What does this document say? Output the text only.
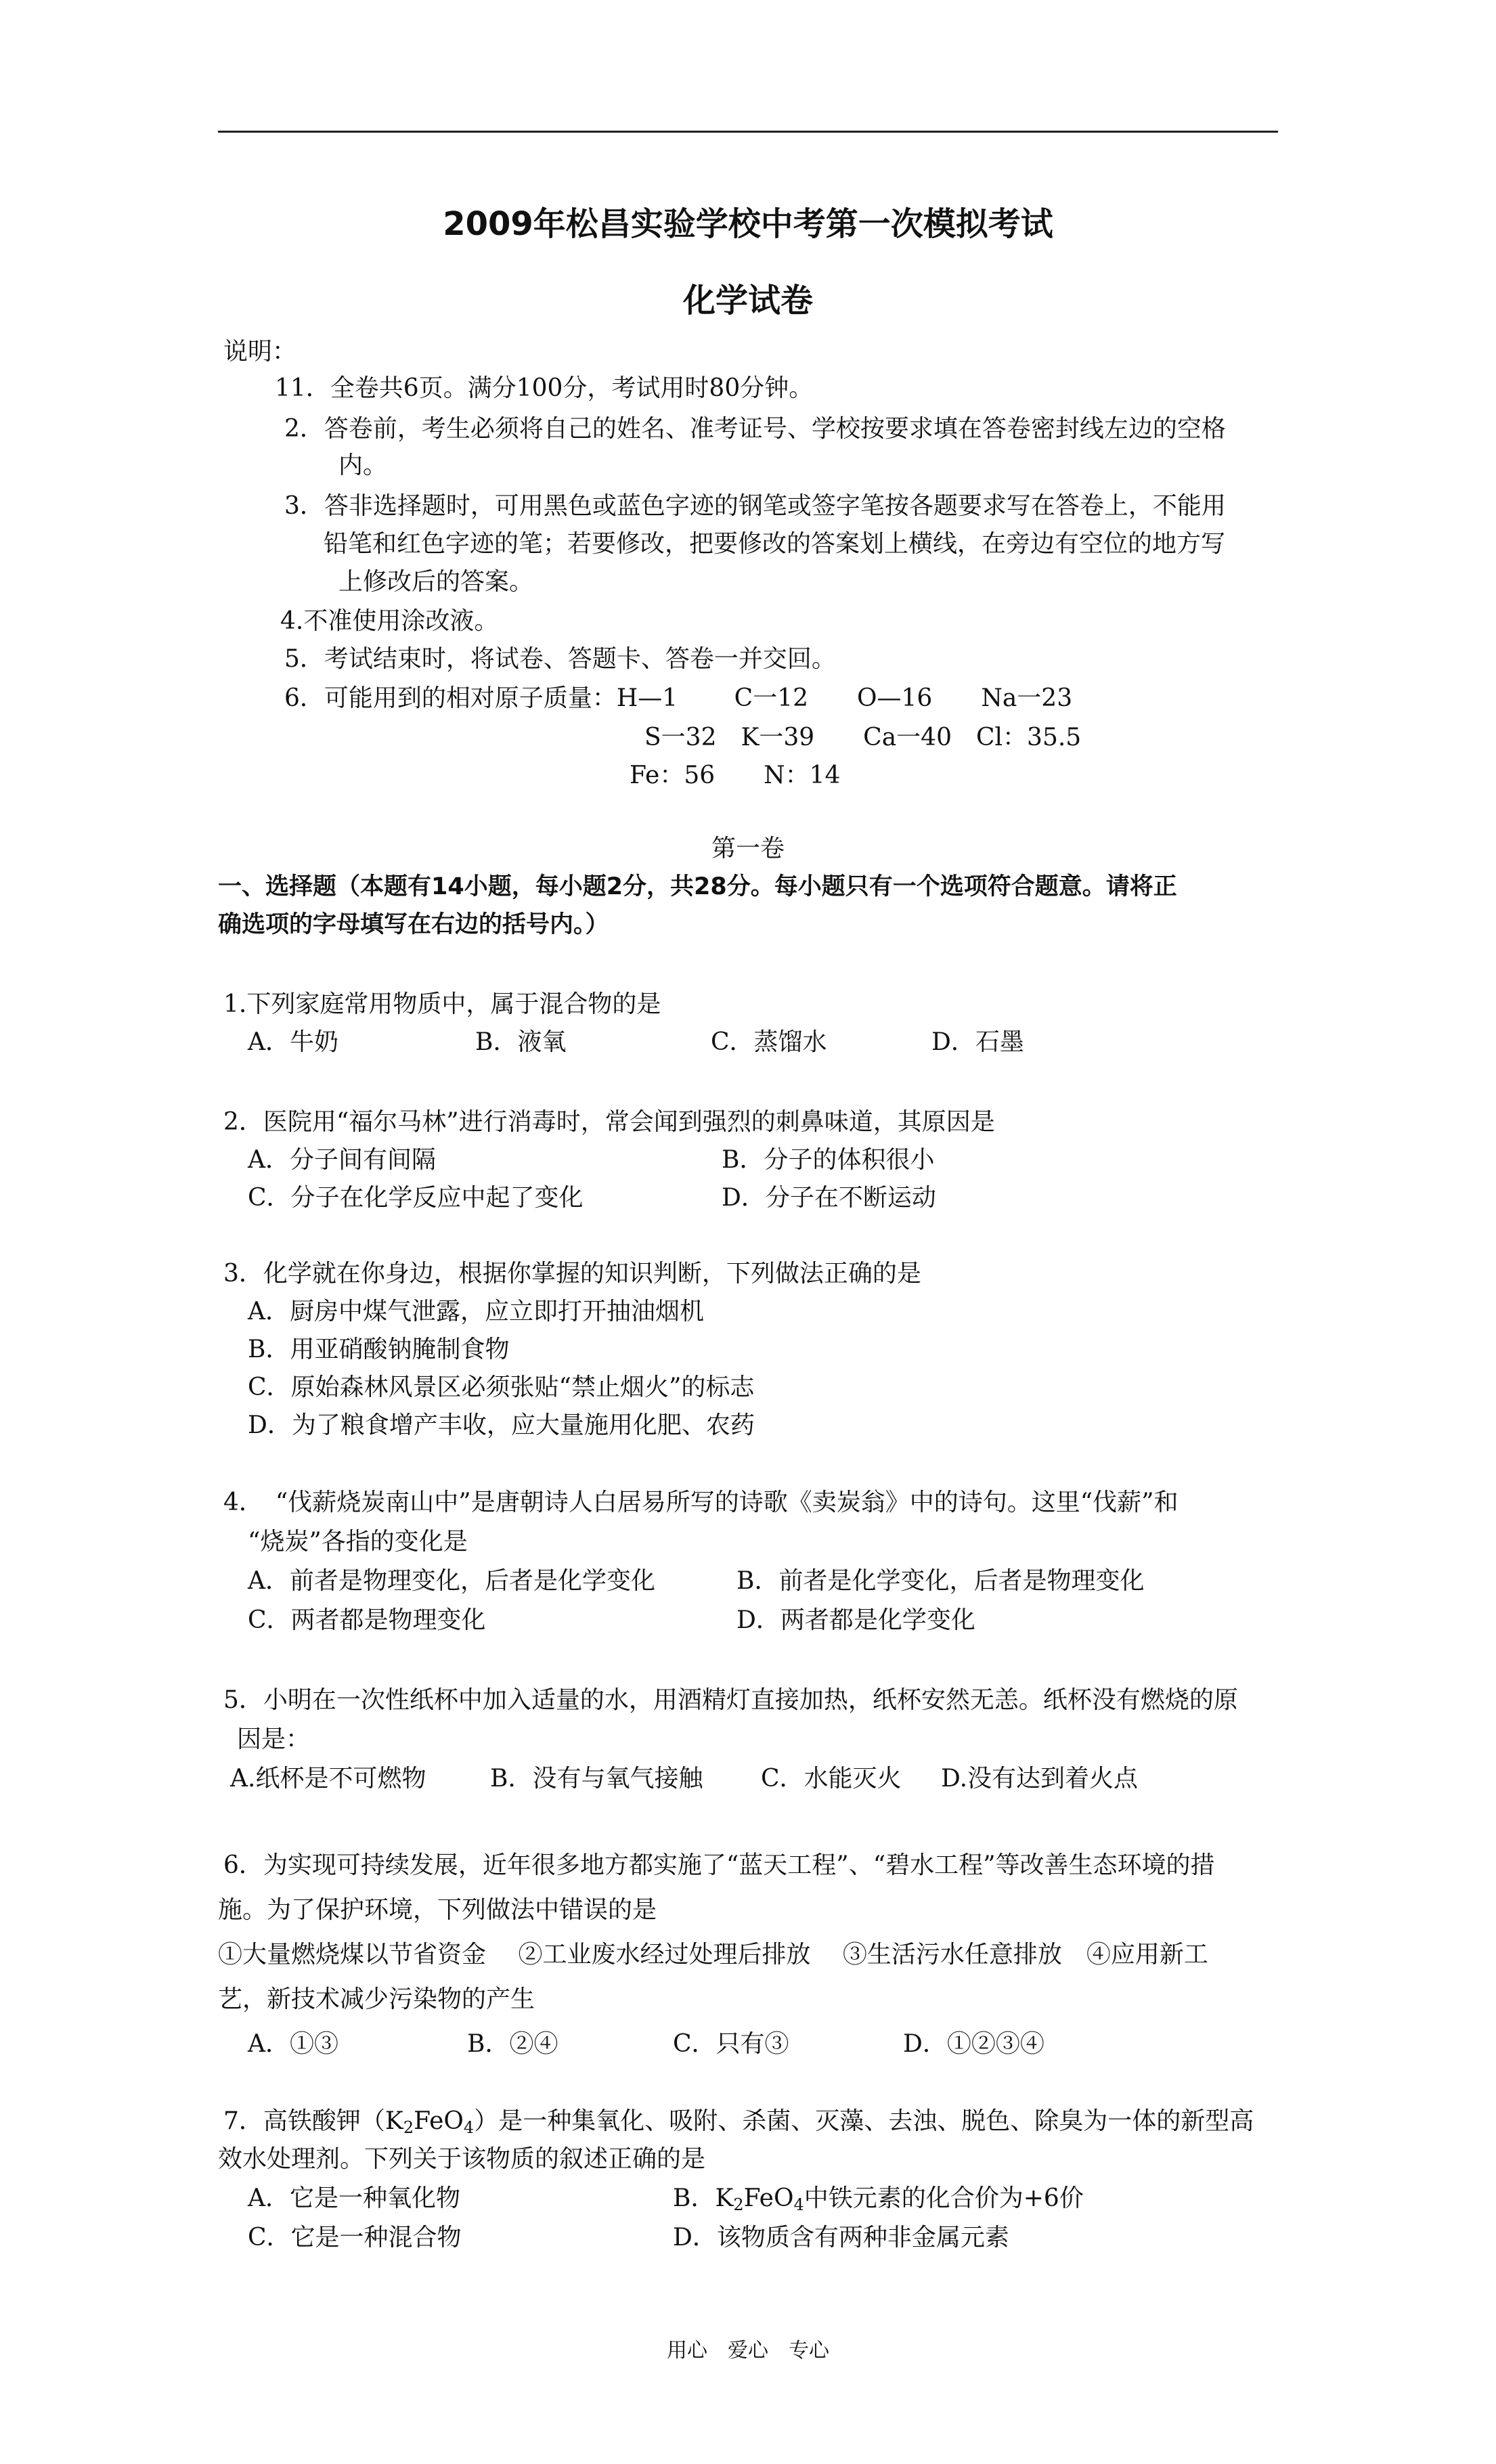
2009年松昌实验学校中考第一次模拟考试
化学试卷
说明：
11．全卷共6页。满分100分，考试用时80分钟。
2．答卷前，考生必须将自己的姓名、准考证号、学校按要求填在答卷密封线左边的空格
内。
3．答非选择题时，可用黑色或蓝色字迹的钢笔或签字笔按各题要求写在答卷上，不能用
铅笔和红色字迹的笔；若要修改，把要修改的答案划上横线，在旁边有空位的地方写
上修改后的答案。
4.不准使用涂改液。
5．考试结束时，将试卷、答题卡、答卷一并交回。
6．可能用到的相对原子质量：H—1　　 C一12　　O—16　　Na一23
S一32　K一39　　Ca一40　Cl：35.5
Fe：56　　N：14
第一卷
一、选择题（本题有14小题，每小题2分，共28分。每小题只有一个选项符合题意。请将正
确选项的字母填写在右边的括号内。）
1.下列家庭常用物质中，属于混合物的是
A．牛奶	B．液氧	C．蒸馏水	D．石墨
2．医院用“福尔马林”进行消毒时，常会闻到强烈的刺鼻味道，其原因是
A．分子间有间隔	B．分子的体积很小
C．分子在化学反应中起了变化	D．分子在不断运动
3．化学就在你身边，根据你掌握的知识判断，下列做法正确的是
A．厨房中煤气泄露，应立即打开抽油烟机
B．用亚硝酸钠腌制食物
C．原始森林风景区必须张贴“禁止烟火”的标志
D．为了粮食增产丰收，应大量施用化肥、农药
4．　“伐薪烧炭南山中”是唐朝诗人白居易所写的诗歌《卖炭翁》中的诗句。这里“伐薪”和
“烧炭”各指的变化是
A．前者是物理变化，后者是化学变化	B．前者是化学变化，后者是物理变化
C．两者都是物理变化	D．两者都是化学变化
5．小明在一次性纸杯中加入适量的水，用酒精灯直接加热，纸杯安然无恙。纸杯没有燃烧的原
因是：
A.纸杯是不可燃物	B．没有与氧气接触 C．水能灭火 D.没有达到着火点
6．为实现可持续发展，近年很多地方都实施了“蓝天工程”、“碧水工程”等改善生态环境的措
施。为了保护环境，下列做法中错误的是
①大量燃烧煤以节省资金　 ②工业废水经过处理后排放　 ③生活污水任意排放　④应用新工
艺，新技术减少污染物的产生
A．①③	B．②④	C．只有③	D．①②③④
7．高铁酸钾$(K_2FeO_4)$是一种集氧化、吸附、杀菌、灭藻、去浊、脱色、除臭为一体的新型高
效水处理剂。下列关于该物质的叙述正确的是
A．它是一种氧化物	B．$K_2FeO_4$中铁元素的化合价为+6价
C．它是一种混合物	D．该物质含有两种非金属元素
用心　爱心　专心
